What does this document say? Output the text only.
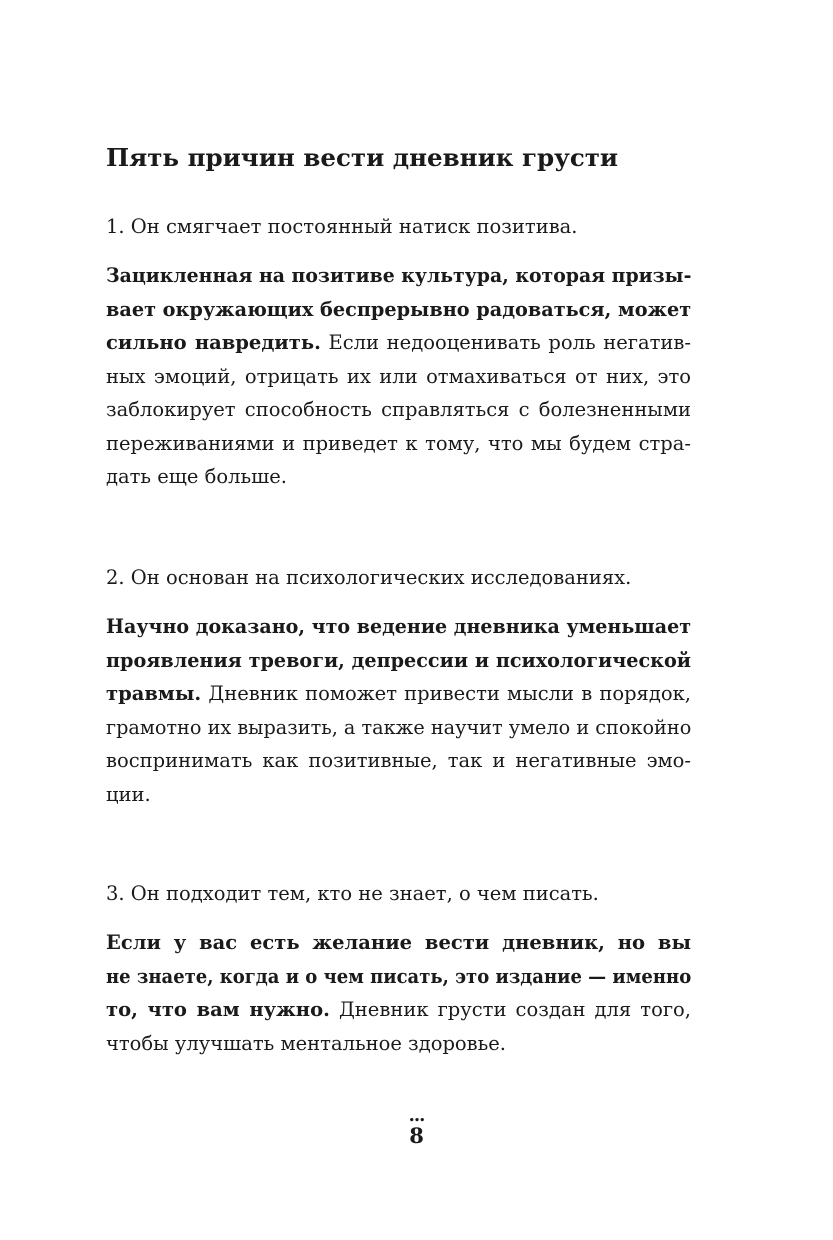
Пять причин вести дневник грусти

1. Он смягчает постоянный натиск позитива.

Зацикленная на позитиве культура, которая призы-
вает окружающих беспрерывно радоваться, может
сильно навредить. Если недооценивать роль негатив-
ных эмоций, отрицать их или отмахиваться от них, это
заблокирует способность справляться с болезненными
переживаниями и приведет к тому, что мы будем стра-
дать еще больше.

2. Он основан на психологических исследованиях.

Научно доказано, что ведение дневника уменьшает
проявления тревоги, депрессии и психологической
травмы. Дневник поможет привести мысли в порядок,
грамотно их выразить, а также научит умело и спокойно
воспринимать как позитивные, так и негативные эмо-
ции.

3. Он подходит тем, кто не знает, о чем писать.

Если у вас есть желание вести дневник, но вы
не знаете, когда и о чем писать, это издание — именно
то, что вам нужно. Дневник грусти создан для того,
чтобы улучшать ментальное здоровье.

...
8
